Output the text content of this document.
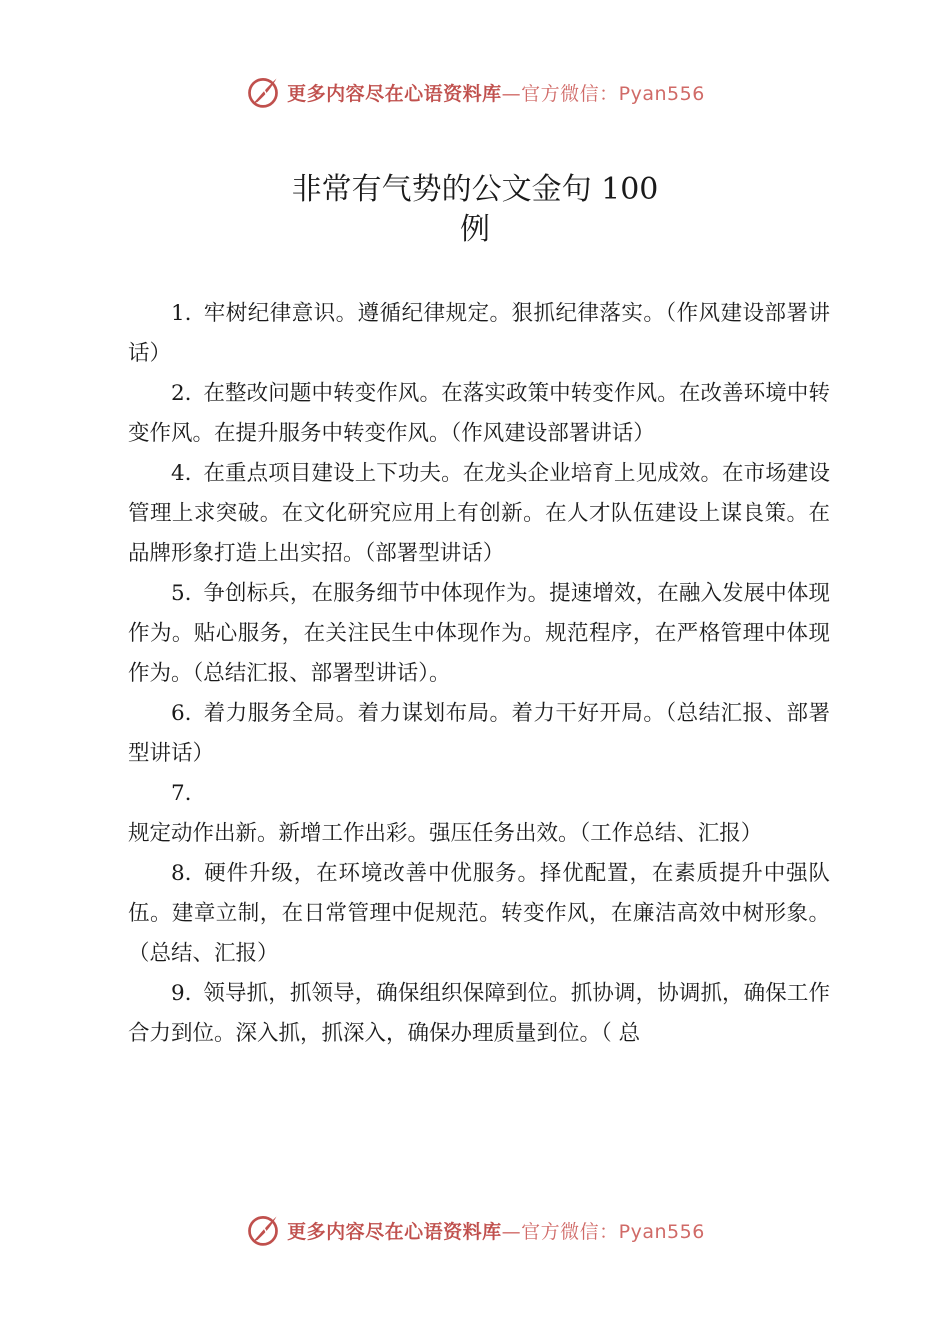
更多内容尽在心语资料库 —官方微信：Pyan556
非常有气势的公文金句 100
例

1. 牢树纪律意识。遵循纪律规定。狠抓纪律落实。（作风建设部署讲话）

2. 在整改问题中转变作风。在落实政策中转变作风。在改善环境中转变作风。在提升服务中转变作风。（作风建设部署讲话）

4. 在重点项目建设上下功夫。在龙头企业培育上见成效。在市场建设管理上求突破。在文化研究应用上有创新。在人才队伍建设上谋良策。在品牌形象打造上出实招。（部署型讲话）

5. 争创标兵，在服务细节中体现作为。提速增效，在融入发展中体现作为。贴心服务，在关注民生中体现作为。规范程序，在严格管理中体现作为。（总结汇报、部署型讲话）。

6. 着力服务全局。着力谋划布局。着力干好开局。（总结汇报、部署型讲话）

7.规定动作出新。新增工作出彩。强压任务出效。（工作总结、汇报）

8. 硬件升级，在环境改善中优服务。择优配置，在素质提升中强队伍。建章立制，在日常管理中促规范。转变作风，在廉洁高效中树形象。（总结、汇报）

9. 领导抓，抓领导，确保组织保障到位。抓协调，协调抓，确保工作合力到位。深入抓，抓深入，确保办理质量到位。（ 总

更多内容尽在心语资料库 —官方微信：Pyan556
